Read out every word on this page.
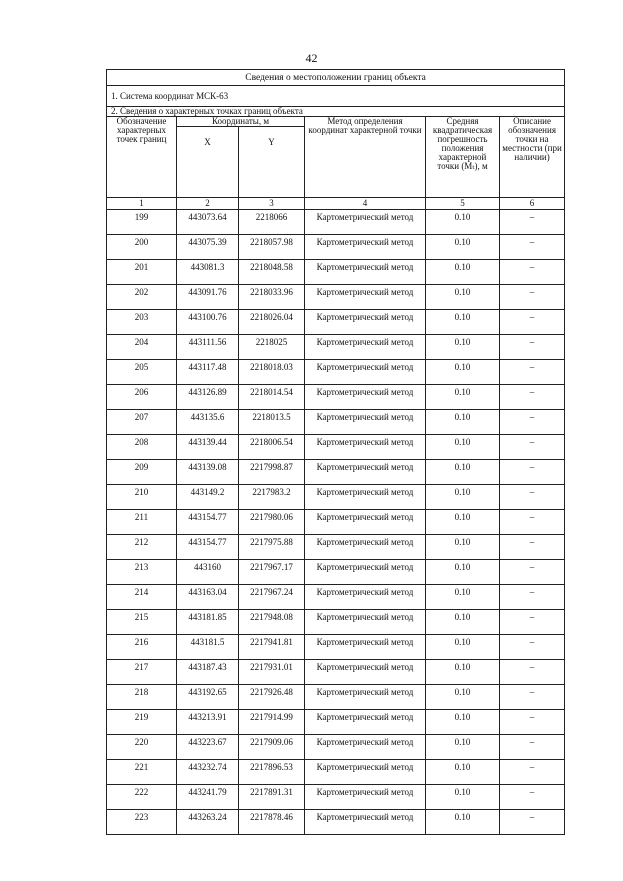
42
Сведения о местоположении границ объекта					
1. Система координат МСК-63					
2. Сведения о характерных точках границ объекта					
Обозначение характерных точек границ	Координаты, м		Метод определения координат характерной точки	Средняя квадратическая погрешность положения характерной точки (Mₜ), м	Описание обозначения точки на местности (при наличии)
	X	Y			
1	2	3	4	5	6
199	443073.64	2218066	Картометрический метод	0.10	–
200	443075.39	2218057.98	Картометрический метод	0.10	–
201	443081.3	2218048.58	Картометрический метод	0.10	–
202	443091.76	2218033.96	Картометрический метод	0.10	–
203	443100.76	2218026.04	Картометрический метод	0.10	–
204	443111.56	2218025	Картометрический метод	0.10	–
205	443117.48	2218018.03	Картометрический метод	0.10	–
206	443126.89	2218014.54	Картометрический метод	0.10	–
207	443135.6	2218013.5	Картометрический метод	0.10	–
208	443139.44	2218006.54	Картометрический метод	0.10	–
209	443139.08	2217998.87	Картометрический метод	0.10	–
210	443149.2	2217983.2	Картометрический метод	0.10	–
211	443154.77	2217980.06	Картометрический метод	0.10	–
212	443154.77	2217975.88	Картометрический метод	0.10	–
213	443160	2217967.17	Картометрический метод	0.10	–
214	443163.04	2217967.24	Картометрический метод	0.10	–
215	443181.85	2217948.08	Картометрический метод	0.10	–
216	443181.5	2217941.81	Картометрический метод	0.10	–
217	443187.43	2217931.01	Картометрический метод	0.10	–
218	443192.65	2217926.48	Картометрический метод	0.10	–
219	443213.91	2217914.99	Картометрический метод	0.10	–
220	443223.67	2217909.06	Картометрический метод	0.10	–
221	443232.74	2217896.53	Картометрический метод	0.10	–
222	443241.79	2217891.31	Картометрический метод	0.10	–
223	443263.24	2217878.46	Картометрический метод	0.10	–
